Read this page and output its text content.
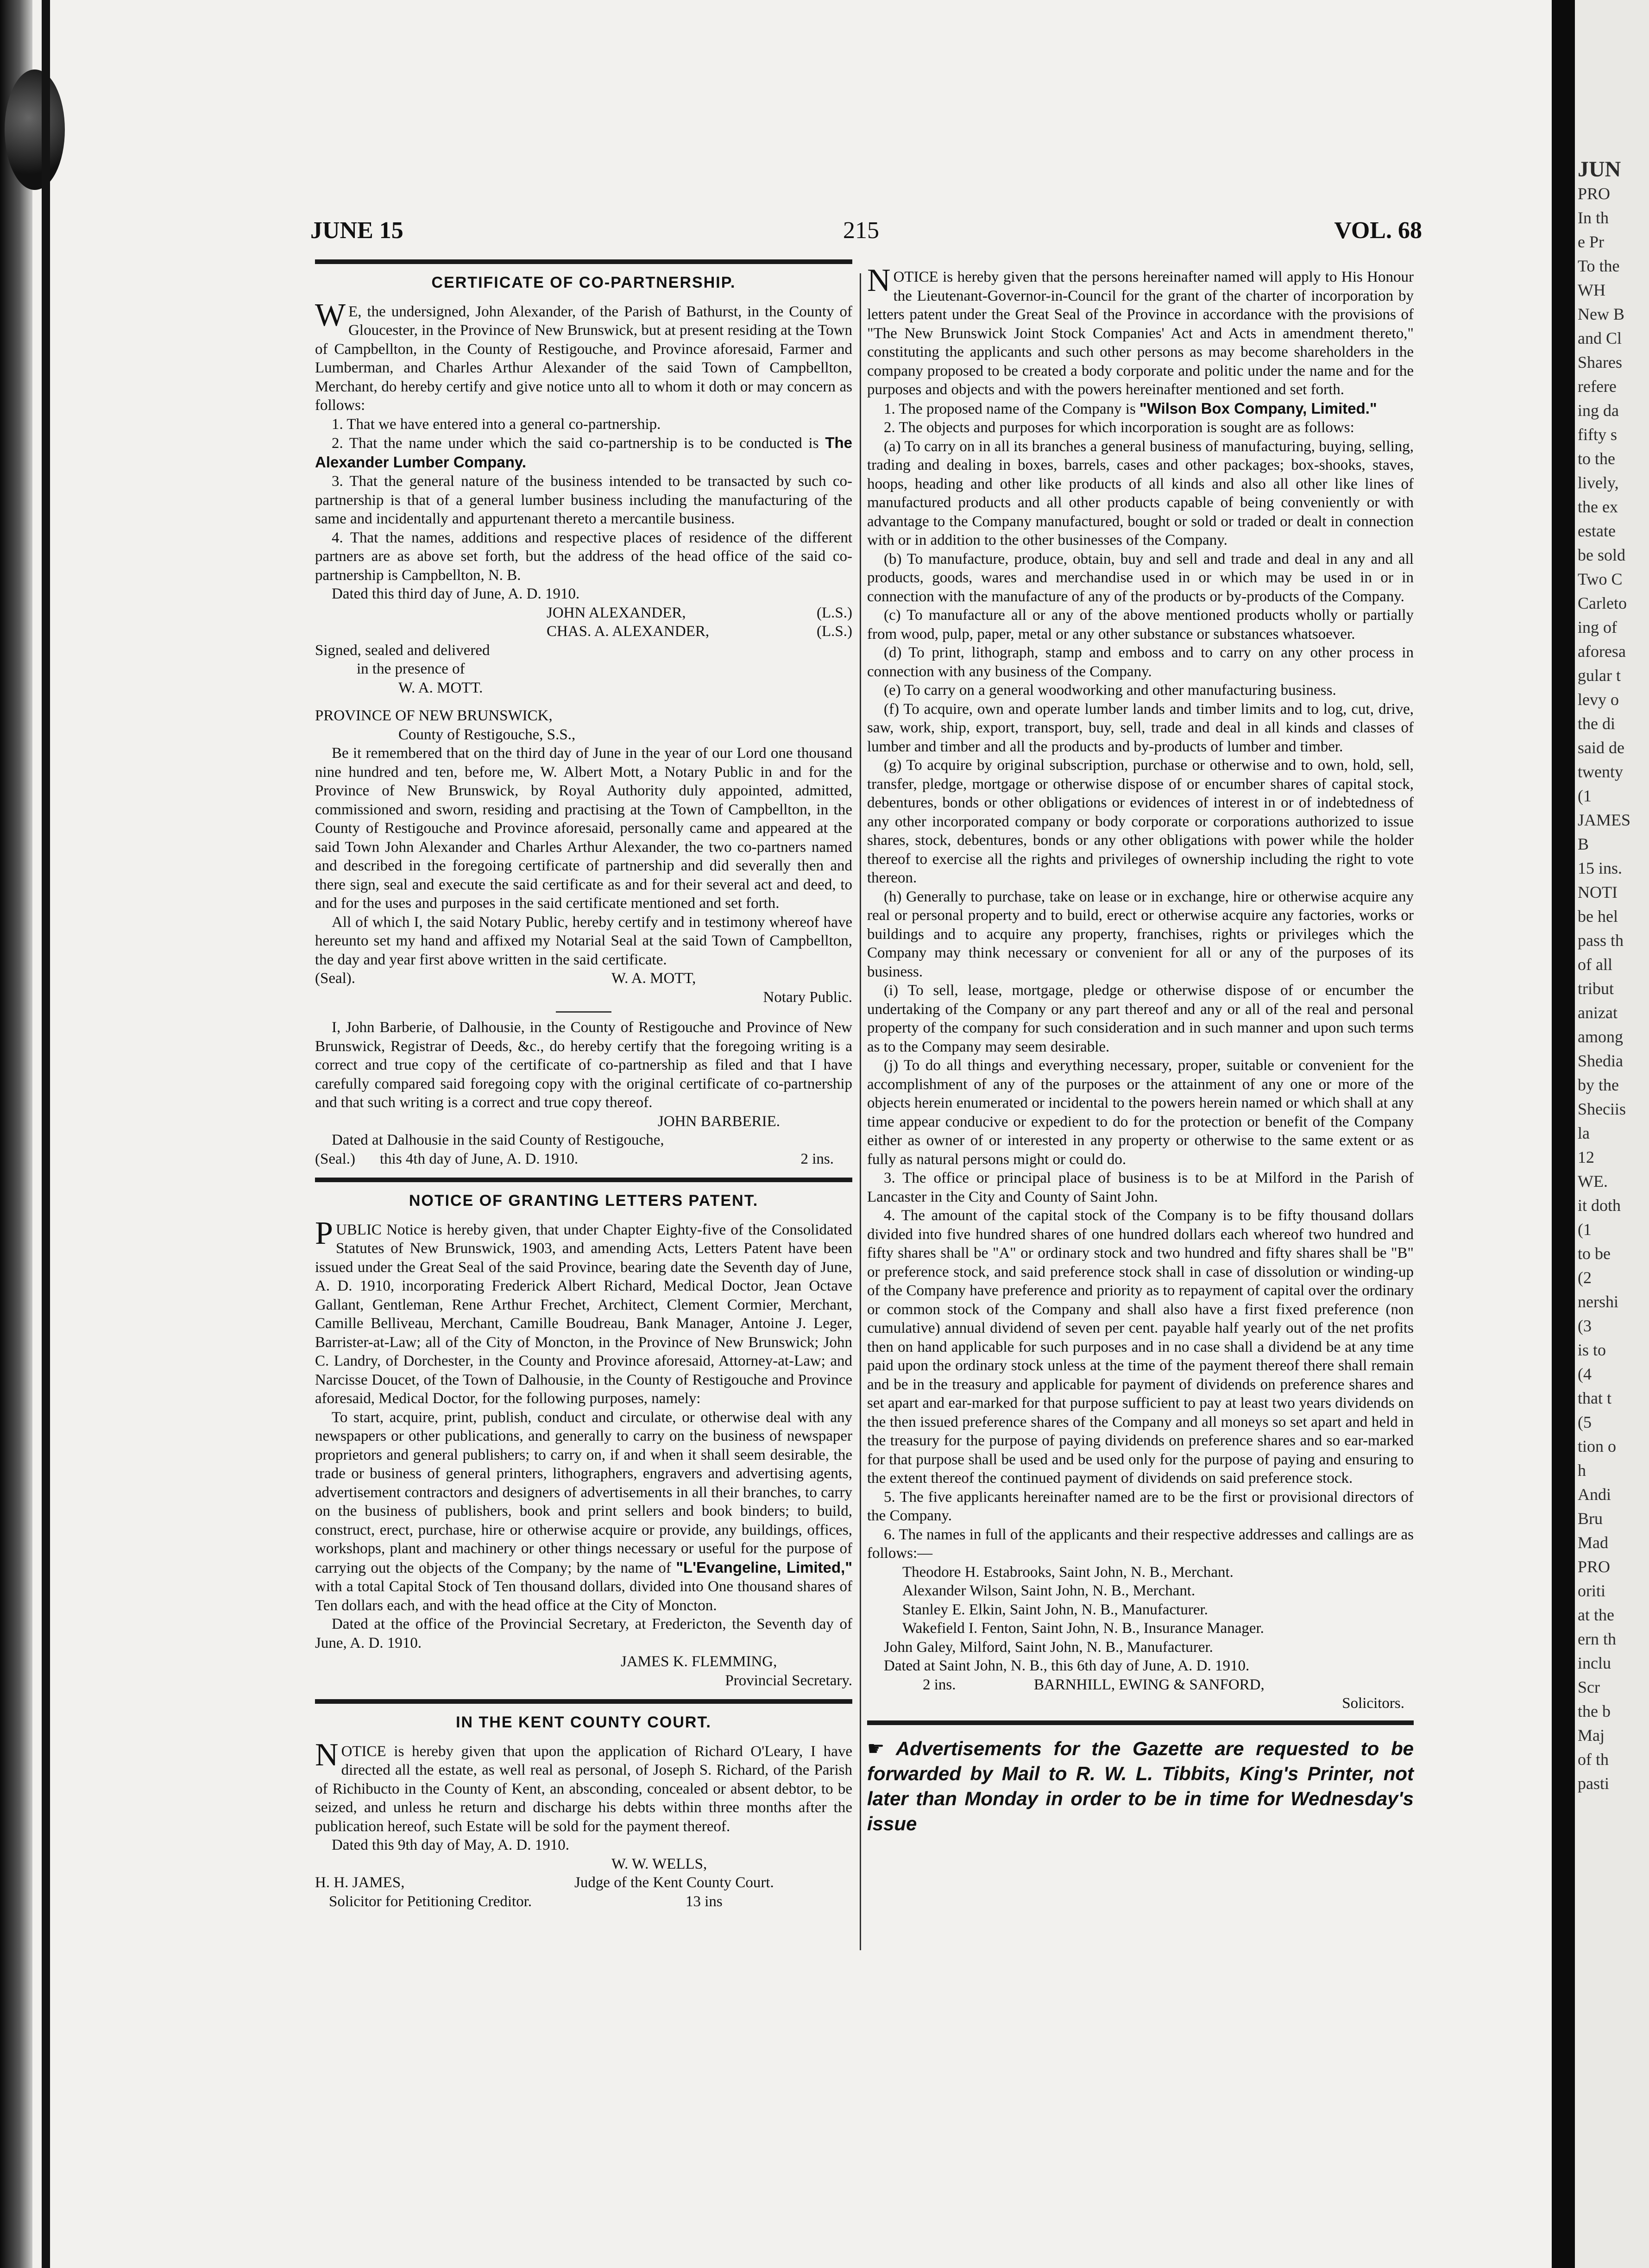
JUNE 15	215	VOL. 68
CERTIFICATE OF CO-PARTNERSHIP.

W E, the undersigned, John Alexander, of the Parish of Bathurst, in the County of Gloucester, in the Province of New Brunswick, but at present residing at the Town of Campbellton, in the County of Restigouche, and Province aforesaid, Farmer and Lumberman, and Charles Arthur Alexander of the said Town of Campbellton, Merchant, do hereby certify and give notice unto all to whom it doth or may concern as follows:

1. That we have entered into a general co-partnership.

2. That the name under which the said co-partnership is to be conducted is The Alexander Lumber Company.

3. That the general nature of the business intended to be transacted by such co-partnership is that of a general lumber business including the manufacturing of the same and incidentally and appurtenant thereto a mercantile business.

4. That the names, additions and respective places of residence of the different partners are as above set forth, but the address of the head office of the said co-partnership is Campbellton, N. B.

Dated this third day of June, A. D. 1910.

JOHN ALEXANDER,	(L.S.)

CHAS. A. ALEXANDER,	(L.S.)

Signed, sealed and delivered

in the presence of

W. A. MOTT.

PROVINCE OF NEW BRUNSWICK,

County of Restigouche, S.S.,

Be it remembered that on the third day of June in the year of our Lord one thousand nine hundred and ten, before me, W. Albert Mott, a Notary Public in and for the Province of New Brunswick, by Royal Authority duly appointed, admitted, commissioned and sworn, residing and practising at the Town of Campbellton, in the County of Restigouche and Province aforesaid, personally came and appeared at the said Town John Alexander and Charles Arthur Alexander, the two co-partners named and described in the foregoing certificate of partnership and did severally then and there sign, seal and execute the said certificate as and for their several act and deed, to and for the uses and purposes in the said certificate mentioned and set forth.

All of which I, the said Notary Public, hereby certify and in testimony whereof have hereunto set my hand and affixed my Notarial Seal at the said Town of Campbellton, the day and year first above written in the said certificate.

(Seal).	W. A. MOTT,

Notary Public.

I, John Barberie, of Dalhousie, in the County of Restigouche and Province of New Brunswick, Registrar of Deeds, &c., do hereby certify that the foregoing writing is a correct and true copy of the certificate of co-partnership as filed and that I have carefully compared said foregoing copy with the original certificate of co-partnership and that such writing is a correct and true copy thereof.

JOHN BARBERIE.

Dated at Dalhousie in the said County of Restigouche,

(Seal.) this 4th day of June, A. D. 1910.	2 ins.

NOTICE OF GRANTING LETTERS PATENT.

PUBLIC Notice is hereby given, that under Chapter Eighty-five of the Consolidated Statutes of New Brunswick, 1903, and amending Acts, Letters Patent have been issued under the Great Seal of the said Province, bearing date the Seventh day of June, A. D. 1910, incorporating Frederick Albert Richard, Medical Doctor, Jean Octave Gallant, Gentleman, Rene Arthur Frechet, Architect, Clement Cormier, Merchant, Camille Belliveau, Merchant, Camille Boudreau, Bank Manager, Antoine J. Leger, Barrister-at-Law; all of the City of Moncton, in the Province of New Brunswick; John C. Landry, of Dorchester, in the County and Province aforesaid, Attorney-at-Law; and Narcisse Doucet, of the Town of Dalhousie, in the County of Restigouche and Province aforesaid, Medical Doctor, for the following purposes, namely:

To start, acquire, print, publish, conduct and circulate, or otherwise deal with any newspapers or other publications, and generally to carry on the business of newspaper proprietors and general publishers; to carry on, if and when it shall seem desirable, the trade or business of general printers, lithographers, engravers and advertising agents, advertisement contractors and designers of advertisements in all their branches, to carry on the business of publishers, book and print sellers and book binders; to build, construct, erect, purchase, hire or otherwise acquire or provide, any buildings, offices, workshops, plant and machinery or other things necessary or useful for the purpose of carrying out the objects of the Company; by the name of "L'Evangeline, Limited," with a total Capital Stock of Ten thousand dollars, divided into One thousand shares of Ten dollars each, and with the head office at the City of Moncton.

Dated at the office of the Provincial Secretary, at Fredericton, the Seventh day of June, A. D. 1910.

JAMES K. FLEMMING,

Provincial Secretary.

IN THE KENT COUNTY COURT.

NOTICE is hereby given that upon the application of Richard O'Leary, I have directed all the estate, as well real as personal, of Joseph S. Richard, of the Parish of Richibucto in the County of Kent, an absconding, concealed or absent debtor, to be seized, and unless he return and discharge his debts within three months after the publication hereof, such Estate will be sold for the payment thereof.

Dated this 9th day of May, A. D. 1910.

W. W. WELLS,

H. H. JAMES,	Judge of the Kent County Court.

Solicitor for Petitioning Creditor.	13 ins

NOTICE is hereby given that the persons hereinafter named will apply to His Honour the Lieutenant-Governor-in-Council for the grant of the charter of incorporation by letters patent under the Great Seal of the Province in accordance with the provisions of "The New Brunswick Joint Stock Companies' Act and Acts in amendment thereto," constituting the applicants and such other persons as may become shareholders in the company proposed to be created a body corporate and politic under the name and for the purposes and objects and with the powers hereinafter mentioned and set forth.

1. The proposed name of the Company is "Wilson Box Company, Limited."

2. The objects and purposes for which incorporation is sought are as follows:

(a) To carry on in all its branches a general business of manufacturing, buying, selling, trading and dealing in boxes, barrels, cases and other packages; box-shooks, staves, hoops, heading and other like products of all kinds and also all other like lines of manufactured products and all other products capable of being conveniently or with advantage to the Company manufactured, bought or sold or traded or dealt in connection with or in addition to the other businesses of the Company.

(b) To manufacture, produce, obtain, buy and sell and trade and deal in any and all products, goods, wares and merchandise used in or which may be used in or in connection with the manufacture of any of the products or by-products of the Company.

(c) To manufacture all or any of the above mentioned products wholly or partially from wood, pulp, paper, metal or any other substance or substances whatsoever.

(d) To print, lithograph, stamp and emboss and to carry on any other process in connection with any business of the Company.

(e) To carry on a general woodworking and other manufacturing business.

(f) To acquire, own and operate lumber lands and timber limits and to log, cut, drive, saw, work, ship, export, transport, buy, sell, trade and deal in all kinds and classes of lumber and timber and all the products and by-products of lumber and timber.

(g) To acquire by original subscription, purchase or otherwise and to own, hold, sell, transfer, pledge, mortgage or otherwise dispose of or encumber shares of capital stock, debentures, bonds or other obligations or evidences of interest in or of indebtedness of any other incorporated company or body corporate or corporations authorized to issue shares, stock, debentures, bonds or any other obligations with power while the holder thereof to exercise all the rights and privileges of ownership including the right to vote thereon.

(h) Generally to purchase, take on lease or in exchange, hire or otherwise acquire any real or personal property and to build, erect or otherwise acquire any factories, works or buildings and to acquire any property, franchises, rights or privileges which the Company may think necessary or convenient for all or any of the purposes of its business.

(i) To sell, lease, mortgage, pledge or otherwise dispose of or encumber the undertaking of the Company or any part thereof and any or all of the real and personal property of the company for such consideration and in such manner and upon such terms as to the Company may seem desirable.

(j) To do all things and everything necessary, proper, suitable or convenient for the accomplishment of any of the purposes or the attainment of any one or more of the objects herein enumerated or incidental to the powers herein named or which shall at any time appear conducive or expedient to do for the protection or benefit of the Company either as owner of or interested in any property or otherwise to the same extent or as fully as natural persons might or could do.

3. The office or principal place of business is to be at Milford in the Parish of Lancaster in the City and County of Saint John.

4. The amount of the capital stock of the Company is to be fifty thousand dollars divided into five hundred shares of one hundred dollars each whereof two hundred and fifty shares shall be "A" or ordinary stock and two hundred and fifty shares shall be "B" or preference stock, and said preference stock shall in case of dissolution or winding-up of the Company have preference and priority as to repayment of capital over the ordinary or common stock of the Company and shall also have a first fixed preference (non cumulative) annual dividend of seven per cent. payable half yearly out of the net profits then on hand applicable for such purposes and in no case shall a dividend be at any time paid upon the ordinary stock unless at the time of the payment thereof there shall remain and be in the treasury and applicable for payment of dividends on preference shares and set apart and ear-marked for that purpose sufficient to pay at least two years dividends on the then issued preference shares of the Company and all moneys so set apart and held in the treasury for the purpose of paying dividends on preference shares and so ear-marked for that purpose shall be used and be used only for the purpose of paying and ensuring to the extent thereof the continued payment of dividends on said preference stock.

5. The five applicants hereinafter named are to be the first or provisional directors of the Company.

6. The names in full of the applicants and their respective addresses and callings are as follows:—

Theodore H. Estabrooks, Saint John, N. B., Merchant.

Alexander Wilson, Saint John, N. B., Merchant.

Stanley E. Elkin, Saint John, N. B., Manufacturer.

Wakefield I. Fenton, Saint John, N. B., Insurance Manager.

John Galey, Milford, Saint John, N. B., Manufacturer.

Dated at Saint John, N. B., this 6th day of June, A. D. 1910.

2 ins.	BARNHILL, EWING & SANFORD,

Solicitors.

☛ Advertisements for the Gazette are requested to be forwarded by Mail to R. W. L. Tibbits, King's Printer, not later than Monday in order to be in time for Wednesday's issue
JUN
PRO
In th
e Pr
To the
WH
New B
and Cl
Shares
refere
ing da
fifty s
to the
lively,
the ex
estate
be sold
Two C
Carleto
ing of
aforesa
gular t
levy o
the di
said de
twenty
(1
JAMES
B
15 ins.
NOTI
be hel
pass th
of all
tribut
anizat
among
Shedia
by the
Sheciis
la
12
WE.
it doth
(1
to be
(2
nershi
(3
is to
(4
that t
(5
tion o
h
Andi
Bru
Mad
PRO
oriti
at the
ern th
inclu
Scr
the b
Maj
of th
pasti
